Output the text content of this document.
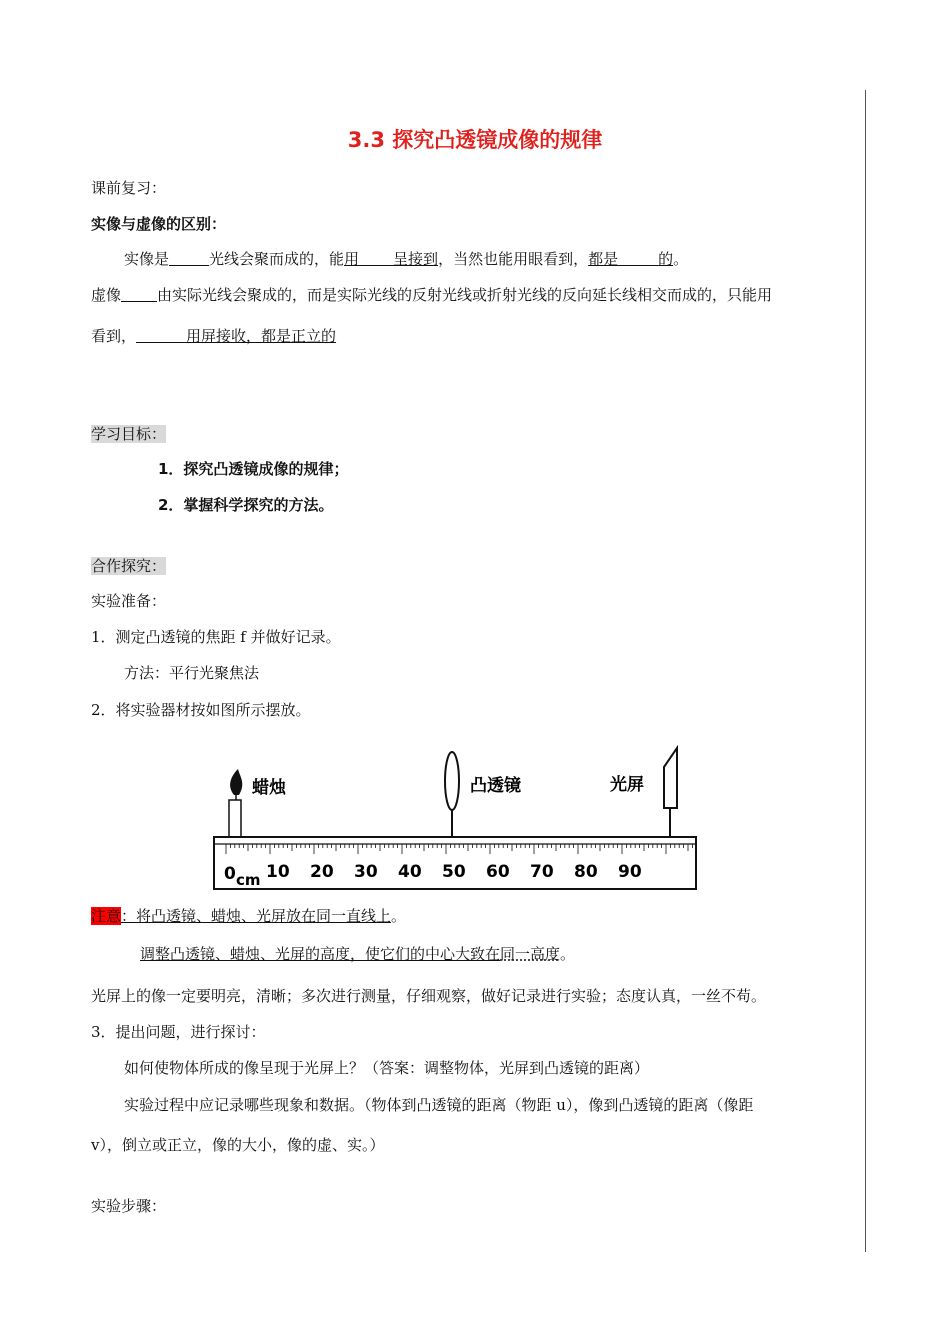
3.3 探究凸透镜成像的规律
课前复习：
实像与虚像的区别：
实像是	光线会聚而成的，能用 呈接到，当然也能用眼看到，都是	的。
虚像 由实际光线会聚成的，而是实际光线的反射光线或折射光线的反向延长线相交而成的，只能用
看到，	用屏接收，都是正立的
学习目标：
1．探究凸透镜成像的规律；
2．掌握科学探究的方法。
合作探究：
实验准备：
1．测定凸透镜的焦距 f 并做好记录。
方法：平行光聚焦法
2．将实验器材按如图所示摆放。
蜡烛	凸透镜	光屏
0 cm 10 20 30 40 50 60 70 80 90
注意：将凸透镜、蜡烛、光屏放在同一直线上。
调整凸透镜、蜡烛、光屏的高度，使它们的中心大致在同一高度。
光屏上的像一定要明亮，清晰；多次进行测量，仔细观察，做好记录进行实验；态度认真，一丝不苟。
3．提出问题，进行探讨：
如何使物体所成的像呈现于光屏上？（答案：调整物体，光屏到凸透镜的距离）
实验过程中应记录哪些现象和数据。（物体到凸透镜的距离（物距 u），像到凸透镜的距离（像距
v），倒立或正立，像的大小，像的虚、实。）
实验步骤：
